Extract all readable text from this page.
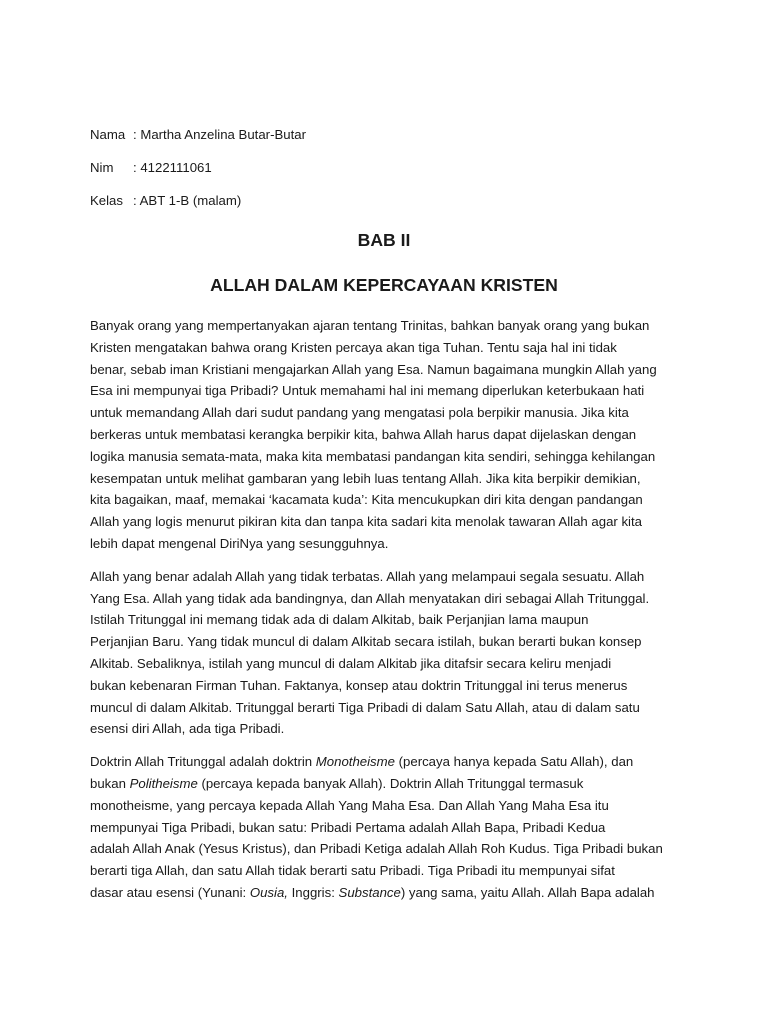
Nama : Martha Anzelina Butar-Butar
Nim	: 4122111061
Kelas : ABT 1-B (malam)
BAB II
ALLAH DALAM KEPERCAYAAN KRISTEN
Banyak orang yang mempertanyakan ajaran tentang Trinitas, bahkan banyak orang yang bukan
Kristen mengatakan bahwa orang Kristen percaya akan tiga Tuhan. Tentu saja hal ini tidak
benar, sebab iman Kristiani mengajarkan Allah yang Esa. Namun bagaimana mungkin Allah yang
Esa ini mempunyai tiga Pribadi? Untuk memahami hal ini memang diperlukan keterbukaan hati
untuk memandang Allah dari sudut pandang yang mengatasi pola berpikir manusia. Jika kita
berkeras untuk membatasi kerangka berpikir kita, bahwa Allah harus dapat dijelaskan dengan
logika manusia semata-mata, maka kita membatasi pandangan kita sendiri, sehingga kehilangan
kesempatan untuk melihat gambaran yang lebih luas tentang Allah. Jika kita berpikir demikian,
kita bagaikan, maaf, memakai ‘kacamata kuda’: Kita mencukupkan diri kita dengan pandangan
Allah yang logis menurut pikiran kita dan tanpa kita sadari kita menolak tawaran Allah agar kita
lebih dapat mengenal DiriNya yang sesungguhnya.
Allah yang benar adalah Allah yang tidak terbatas. Allah yang melampaui segala sesuatu. Allah
Yang Esa. Allah yang tidak ada bandingnya, dan Allah menyatakan diri sebagai Allah Tritunggal.
Istilah Tritunggal ini memang tidak ada di dalam Alkitab, baik Perjanjian lama maupun
Perjanjian Baru. Yang tidak muncul di dalam Alkitab secara istilah, bukan berarti bukan konsep
Alkitab. Sebaliknya, istilah yang muncul di dalam Alkitab jika ditafsir secara keliru menjadi
bukan kebenaran Firman Tuhan. Faktanya, konsep atau doktrin Tritunggal ini terus menerus
muncul di dalam Alkitab. Tritunggal berarti Tiga Pribadi di dalam Satu Allah, atau di dalam satu
esensi diri Allah, ada tiga Pribadi.
Doktrin Allah Tritunggal adalah doktrin Monotheisme (percaya hanya kepada Satu Allah), dan
bukan Politheisme (percaya kepada banyak Allah). Doktrin Allah Tritunggal termasuk
monotheisme, yang percaya kepada Allah Yang Maha Esa. Dan Allah Yang Maha Esa itu
mempunyai Tiga Pribadi, bukan satu: Pribadi Pertama adalah Allah Bapa, Pribadi Kedua
adalah Allah Anak (Yesus Kristus), dan Pribadi Ketiga adalah Allah Roh Kudus. Tiga Pribadi bukan
berarti tiga Allah, dan satu Allah tidak berarti satu Pribadi. Tiga Pribadi itu mempunyai sifat
dasar atau esensi (Yunani: Ousia, Inggris: Substance) yang sama, yaitu Allah. Allah Bapa adalah
